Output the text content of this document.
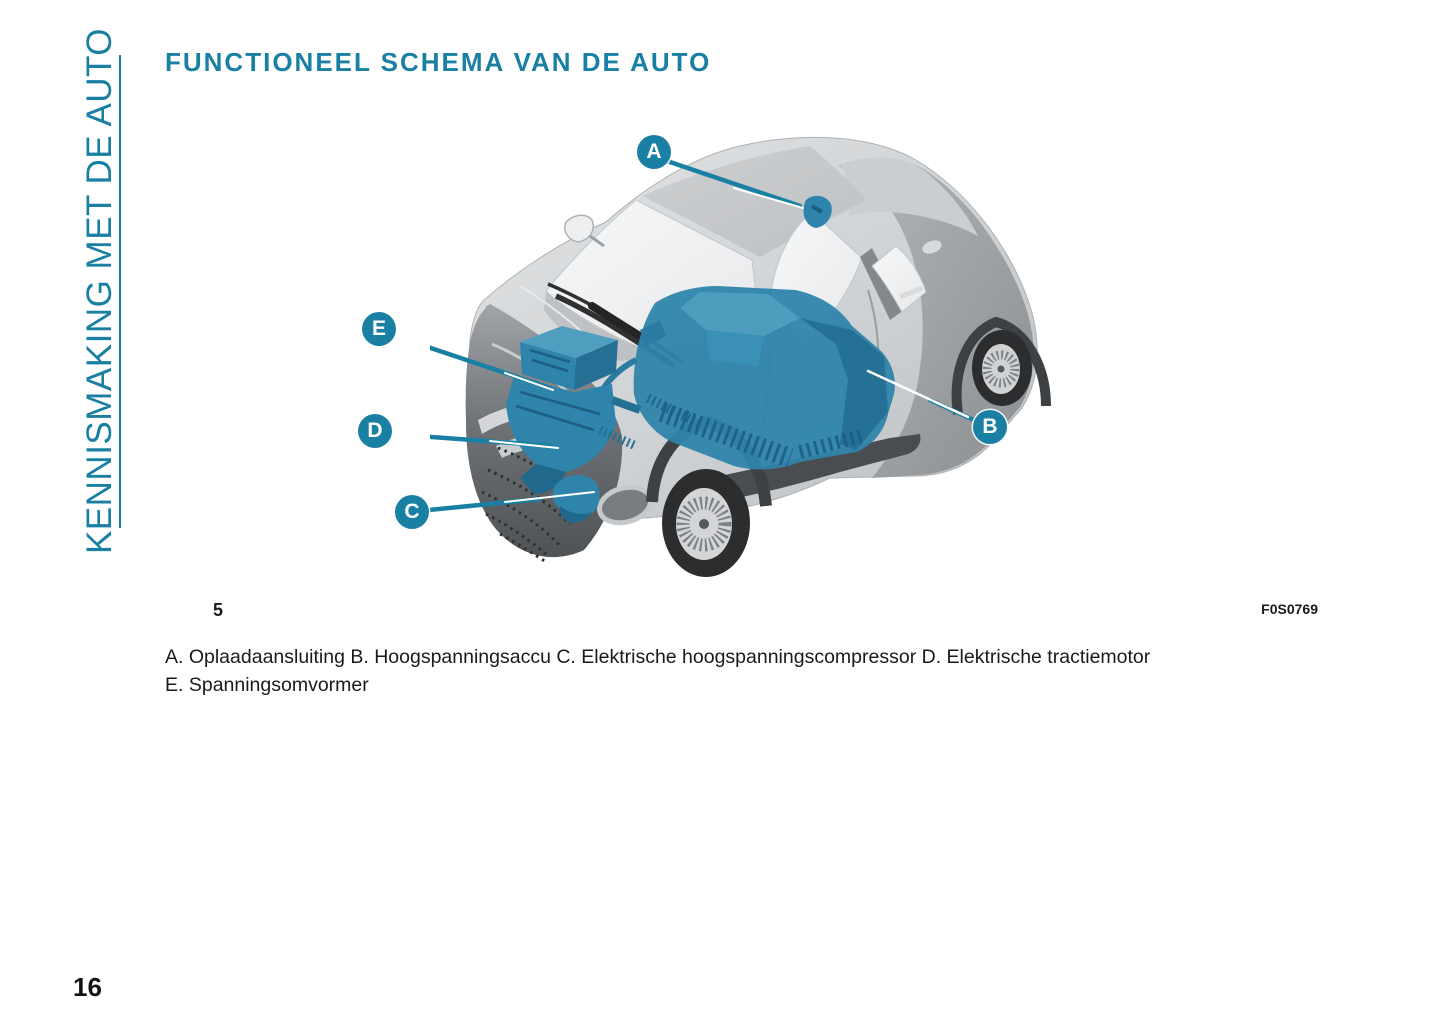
KENNISMAKING MET DE AUTO FUNCTIONEEL SCHEMA VAN DE AUTO
A
B
C
D
E
5	F0S0769
A. Oplaadaansluiting B. Hoogspanningsaccu C. Elektrische hoogspanningscompressor D. Elektrische tractiemotor
E. Spanningsomvormer
16
